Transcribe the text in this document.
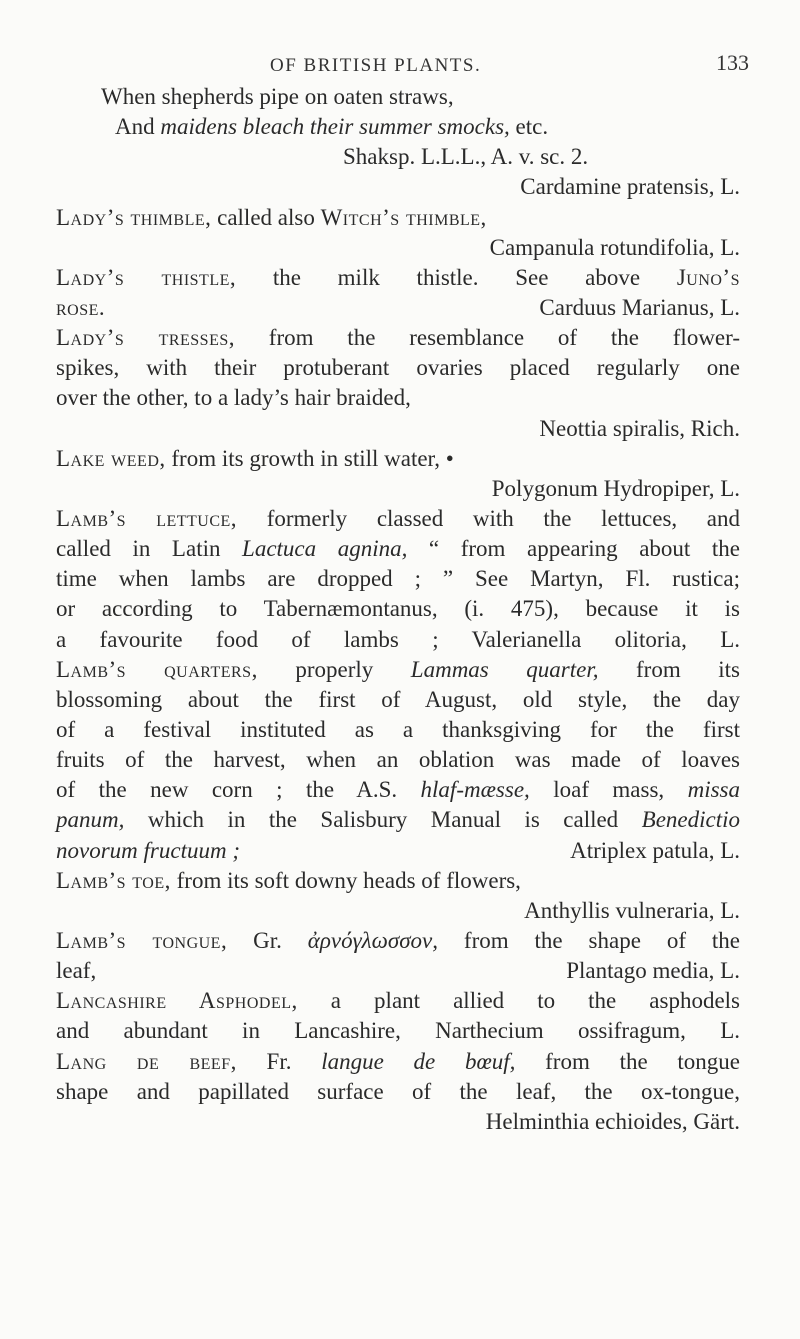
OF BRITISH PLANTS.	133
When shepherds pipe on oaten straws,
And maidens bleach their summer smocks, etc.
Shaksp. L.L.L., A. v. sc. 2.
Cardamine pratensis, L.
Lady’s thimble, called also Witch’s thimble,
Campanula rotundifolia, L.
Lady’s thistle, the milk thistle. See above Juno’s
rose.	Carduus Marianus, L.
Lady’s tresses, from the resemblance of the flower-
spikes, with their protuberant ovaries placed regularly one
over the other, to a lady’s hair braided,
Neottia spiralis, Rich.
Lake weed, from its growth in still water, •
Polygonum Hydropiper, L.
Lamb’s lettuce, formerly classed with the lettuces, and
called in Latin Lactuca agnina, “ from appearing about the
time when lambs are dropped ; ” See Martyn, Fl. rustica;
or according to Tabernæmontanus, (i. 475), because it is
a favourite food of lambs ; Valerianella olitoria, L.
Lamb’s quarters, properly Lammas quarter, from its
blossoming about the first of August, old style, the day
of a festival instituted as a thanksgiving for the first
fruits of the harvest, when an oblation was made of loaves
of the new corn ; the A.S. hlaf-mæsse, loaf mass, missa
panum, which in the Salisbury Manual is called Benedictio
novorum fructuum ;	Atriplex patula, L.
Lamb’s toe, from its soft downy heads of flowers,
Anthyllis vulneraria, L.
Lamb’s tongue, Gr. ἀρνόγλωσσον, from the shape of the
leaf,	Plantago media, L.
Lancashire Asphodel, a plant allied to the asphodels
and abundant in Lancashire, Narthecium ossifragum, L.
Lang de beef, Fr. langue de bœuf, from the tongue
shape and papillated surface of the leaf, the ox-tongue,
Helminthia echioides, Gärt.
